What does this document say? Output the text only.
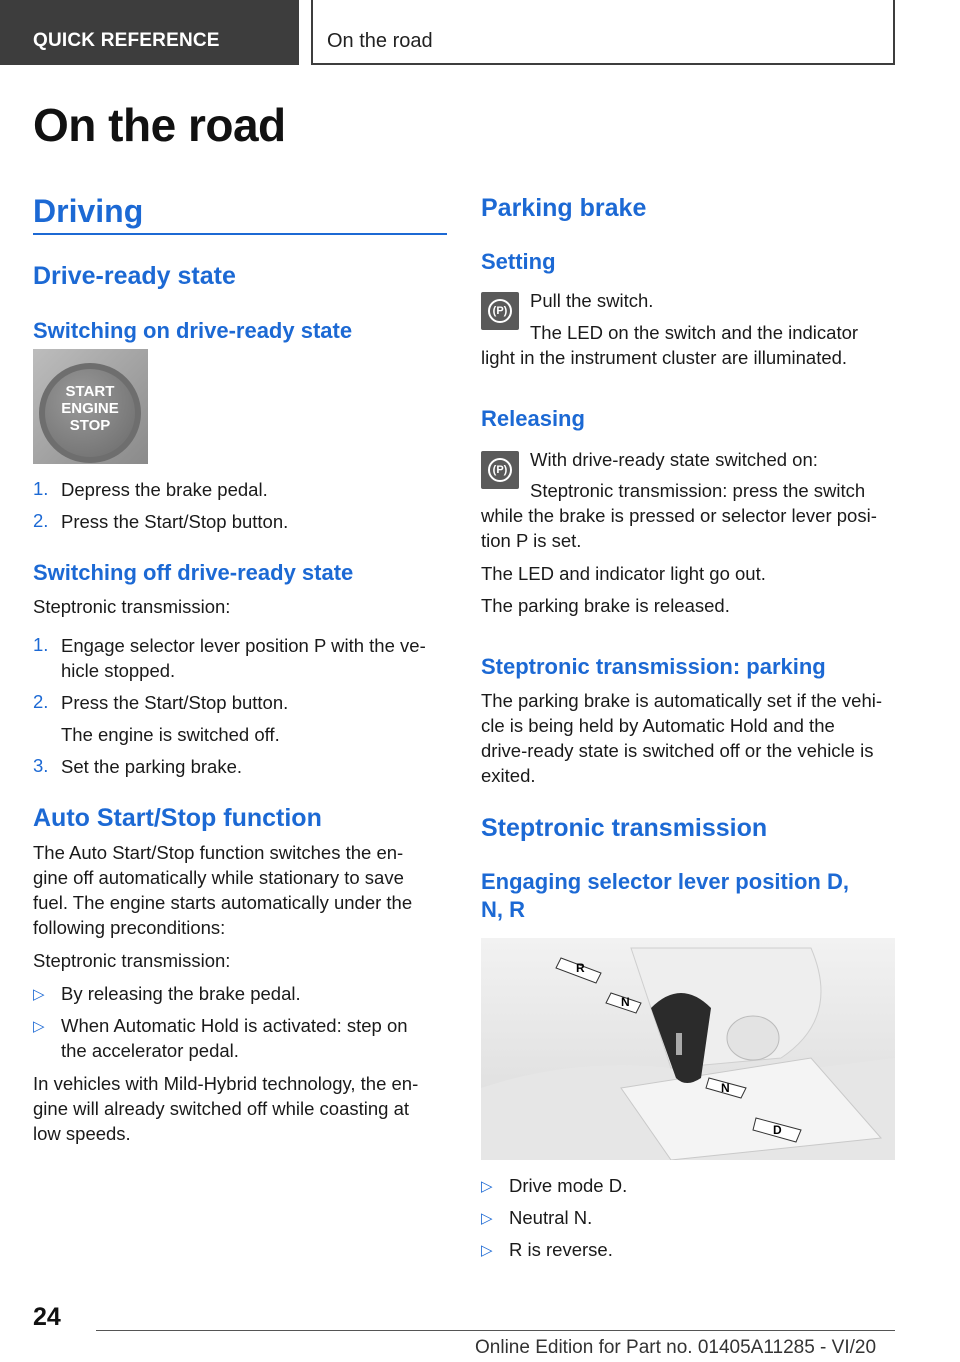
QUICK REFERENCE	On the road
On the road
Driving
Drive-ready state
Switching on drive-ready state
START
ENGINE
STOP
1. Depress the brake pedal.
2. Press the Start/Stop button.
Switching off drive-ready state
Steptronic transmission:
1. Engage selector lever position P with the ve‐
hicle stopped.
2. Press the Start/Stop button.
The engine is switched off.
3. Set the parking brake.
Auto Start/Stop function
The Auto Start/Stop function switches the en‐
gine off automatically while stationary to save
fuel. The engine starts automatically under the
following preconditions:
Steptronic transmission:
▷ By releasing the brake pedal.
▷ When Automatic Hold is activated: step on
the accelerator pedal.
In vehicles with Mild-Hybrid technology, the en‐
gine will already switched off while coasting at
low speeds.
Parking brake
Setting
(P) Pull the switch.
The LED on the switch and the indicator
light in the instrument cluster are illuminated.
Releasing
(P) With drive-ready state switched on:
Steptronic transmission: press the switch
while the brake is pressed or selector lever posi‐
tion P is set.
The LED and indicator light go out.
The parking brake is released.
Steptronic transmission: parking
The parking brake is automatically set if the vehi‐
cle is being held by Automatic Hold and the
drive-ready state is switched off or the vehicle is
exited.
Steptronic transmission
Engaging selector lever position D,
N, R
R
N
N
D
▷ Drive mode D.
▷ Neutral N.
▷ R is reverse.
24
Online Edition for Part no. 01405A11285 - VI/20
